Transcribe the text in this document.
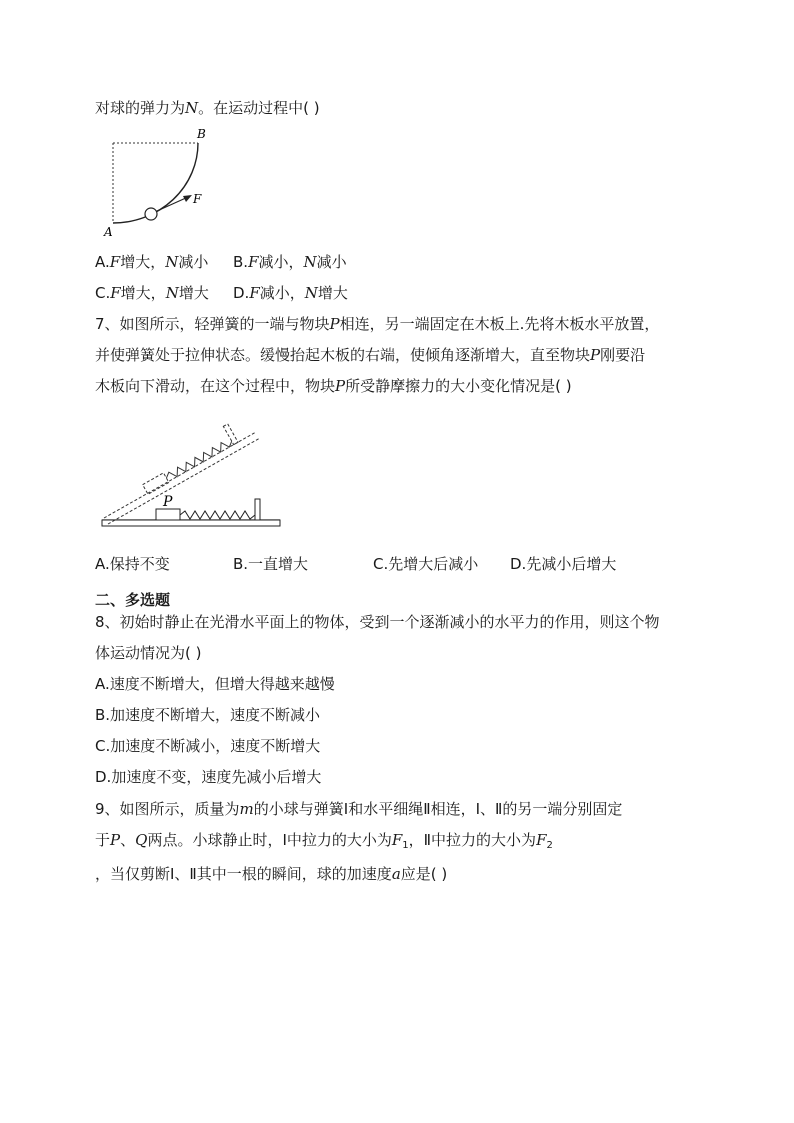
对球的弹力为N。在运动过程中( )
A
B
F
A.F增大，N减小 B.F减小，N减小
C.F增大，N增大 D.F减小，N增大
7、如图所示，轻弹簧的一端与物块P相连，另一端固定在木板上.先将木板水平放置，
并使弹簧处于拉伸状态。缓慢抬起木板的右端，使倾角逐渐增大，直至物块P刚要沿
木板向下滑动，在这个过程中，物块P所受静摩擦力的大小变化情况是( )
P
A.保持不变	B.一直增大	C.先增大后减小 D.先减小后增大
二、多选题
8、初始时静止在光滑水平面上的物体，受到一个逐渐减小的水平力的作用，则这个物
体运动情况为( )
A.速度不断增大，但增大得越来越慢
B.加速度不断增大，速度不断减小
C.加速度不断减小，速度不断增大
D.加速度不变，速度先减小后增大
9、如图所示，质量为m的小球与弹簧Ⅰ和水平细绳Ⅱ相连，Ⅰ、Ⅱ的另一端分别固定
于P、Q两点。小球静止时，Ⅰ中拉力的大小为$F_1$，Ⅱ中拉力的大小为$F_2$
，当仅剪断Ⅰ、Ⅱ其中一根的瞬间，球的加速度a应是( )
